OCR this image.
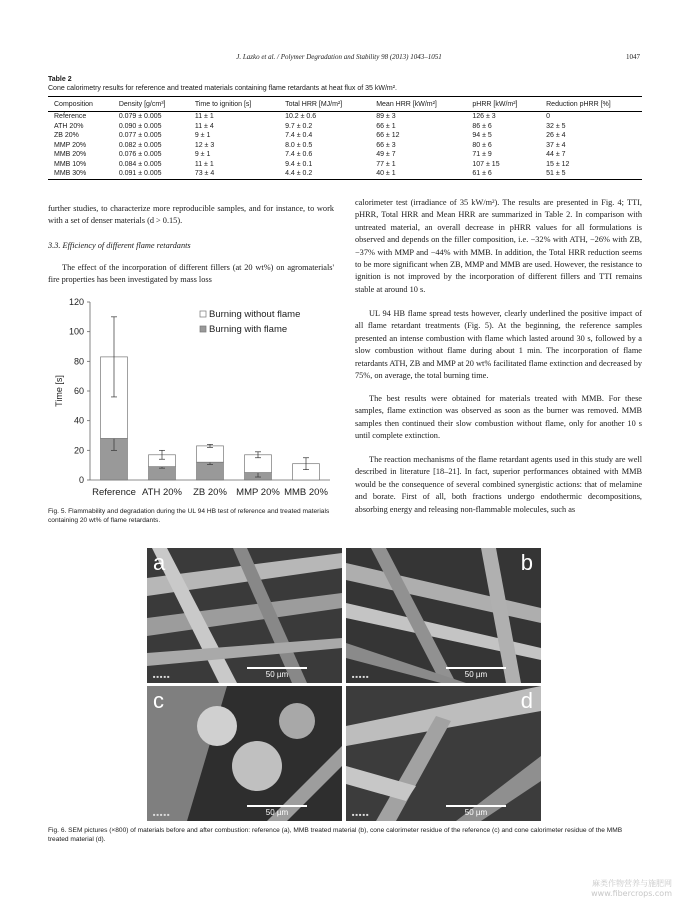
J. Lazko et al. / Polymer Degradation and Stability 98 (2013) 1043–1051	1047
Table 2
Cone calorimetry results for reference and treated materials containing flame retardants at heat flux of 35 kW/m².
Composition	Density [g/cm³]	Time to ignition [s]	Total HRR [MJ/m²]	Mean HRR [kW/m²]	pHRR [kW/m²]	Reduction pHRR [%]
Reference	0.079 ± 0.005	11 ± 1	10.2 ± 0.6	89 ± 3	126 ± 3	0
ATH 20%	0.090 ± 0.005	11 ± 4	9.7 ± 0.2	66 ± 1	86 ± 6	32 ± 5
ZB 20%	0.077 ± 0.005	9 ± 1	7.4 ± 0.4	66 ± 12	94 ± 5	26 ± 4
MMP 20%	0.082 ± 0.005	12 ± 3	8.0 ± 0.5	66 ± 3	80 ± 6	37 ± 4
MMB 20%	0.076 ± 0.005	9 ± 1	7.4 ± 0.6	49 ± 7	71 ± 9	44 ± 7
MMB 10%	0.084 ± 0.005	11 ± 1	9.4 ± 0.1	77 ± 1	107 ± 15	15 ± 12
MMB 30%	0.091 ± 0.005	73 ± 4	4.4 ± 0.2	40 ± 1	61 ± 6	51 ± 5
further studies, to characterize more reproducible samples, and for instance, to work with a set of denser materials (d > 0.15).
3.3. Efficiency of different flame retardants
The effect of the incorporation of different fillers (at 20 wt%) on agromaterials' fire properties has been investigated by mass loss
0
20
40
60
80
100
120
Time [s]
Reference ATH 20% ZB 20% MMP 20% MMB 20%
Burning without flame
Burning with flame
Fig. 5. Flammability and degradation during the UL 94 HB test of reference and treated materials containing 20 wt% of flame retardants.
calorimeter test (irradiance of 35 kW/m²). The results are presented in Fig. 4; TTI, pHRR, Total HRR and Mean HRR are summarized in Table 2. In comparison with untreated material, an overall decrease in pHRR values for all formulations is observed and depends on the filler composition, i.e. −32% with ATH, −26% with ZB, −37% with MMP and −44% with MMB. In addition, the Total HRR reduction seems to be more significant when ZB, MMP and MMB are used. However, the resistance to ignition is not improved by the incorporation of different fillers and TTI remains stable at around 10 s.
UL 94 HB flame spread tests however, clearly underlined the positive impact of all flame retardant treatments (Fig. 5). At the beginning, the reference samples presented an intense combustion with flame which lasted around 30 s, followed by a slow combustion without flame during about 1 min. The incorporation of flame retardants ATH, ZB and MMP at 20 wt% facilitated flame extinction and decreased by 75%, on average, the total burning time.
The best results were obtained for materials treated with MMB. For these samples, flame extinction was observed as soon as the burner was removed. MMB samples then continued their slow combustion without flame, only for another 10 s until complete extinction.
The reaction mechanisms of the flame retardant agents used in this study are well described in literature [18–21]. In fact, superior performances obtained with MMB would be the consequence of several combined synergistic actions: that of melamine and borate. First of all, both fractions undergo endothermic decompositions, absorbing energy and releasing non-flammable molecules, such as
a
■ ■ ■ ■ ■	50 µm
b
■ ■ ■ ■ ■	50 µm
c
■ ■ ■ ■ ■	50 µm
d
■ ■ ■ ■ ■	50 µm
Fig. 6. SEM pictures (×800) of materials before and after combustion: reference (a), MMB treated material (b), cone calorimeter residue of the reference (c) and cone calorimeter residue of the MMB treated material (d).
麻类作物营养与施肥网
www.fibercrops.com
